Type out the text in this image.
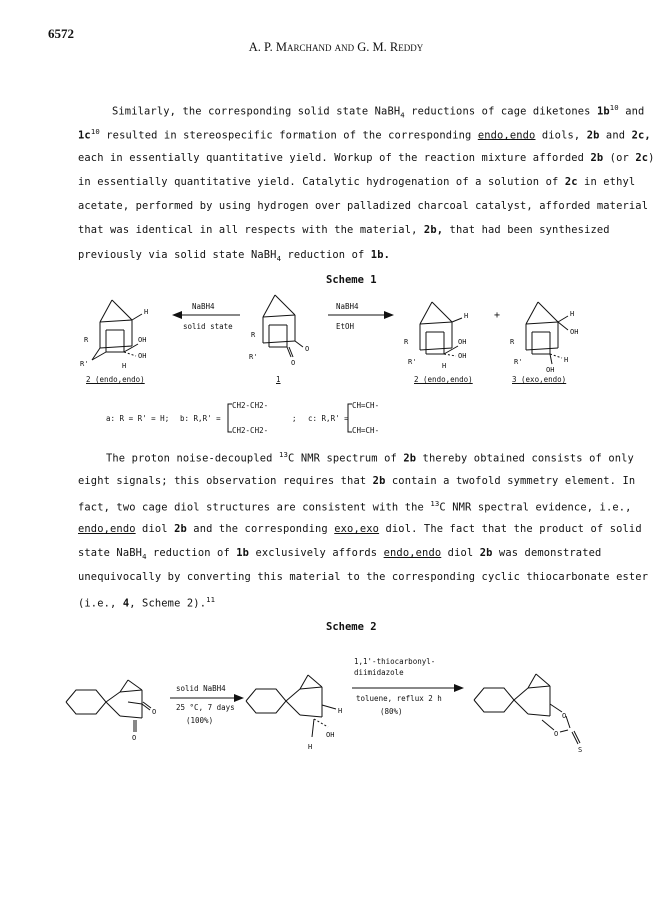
6572
A. P. Marchand and G. M. Reddy
Similarly, the corresponding solid state NaBH$_4$ reductions of cage diketones $1b^{10}$ and
$1c^{10}$ resulted in stereospecific formation of the corresponding endo,endo diols, 2b and 2c,
each in essentially quantitative yield. Workup of the reaction mixture afforded 2b (or 2c)
in essentially quantitative yield. Catalytic hydrogenation of a solution of 2c in ethyl
acetate, performed by using hydrogen over palladized charcoal catalyst, afforded material
that was identical in all respects with the material, 2b, that had been synthesized
previously via solid state NaBH$_4$ reduction of 1b.
Scheme 1
H
OH
OH
R
R'	H
NaBH4
solid state
O
O
R
R'
NaBH4
EtOH
H
OH
OH
R
R'	H
+	H
OH
H
R
R'
OH
2 (endo,endo)	1	2 (endo,endo)	3 (exo,endo)
a: R = R' = H; b: R,R' =
CH2-CH2-
CH2-CH2-
; c: R,R' =
CH=CH-
CH=CH-
The proton noise-decoupled $^{13}$C NMR spectrum of 2b thereby obtained consists of only
eight signals; this observation requires that 2b contain a twofold symmetry element. In
fact, two cage diol structures are consistent with the $^{13}$C NMR spectral evidence, i.e.,
endo,endo diol 2b and the corresponding exo,exo diol. The fact that the product of solid
state NaBH$_4$ reduction of 1b exclusively affords endo,endo diol 2b was demonstrated
unequivocally by converting this material to the corresponding cyclic thiocarbonate ester
(i.e., 4, Scheme 2).$^{11}$
Scheme 2
O
O
solid NaBH4
25 °C, 7 days
(100%)
H
OH
H
1,1'-thiocarbonyl-
diimidazole
toluene, reflux 2 h
(80%)	O
O
S
